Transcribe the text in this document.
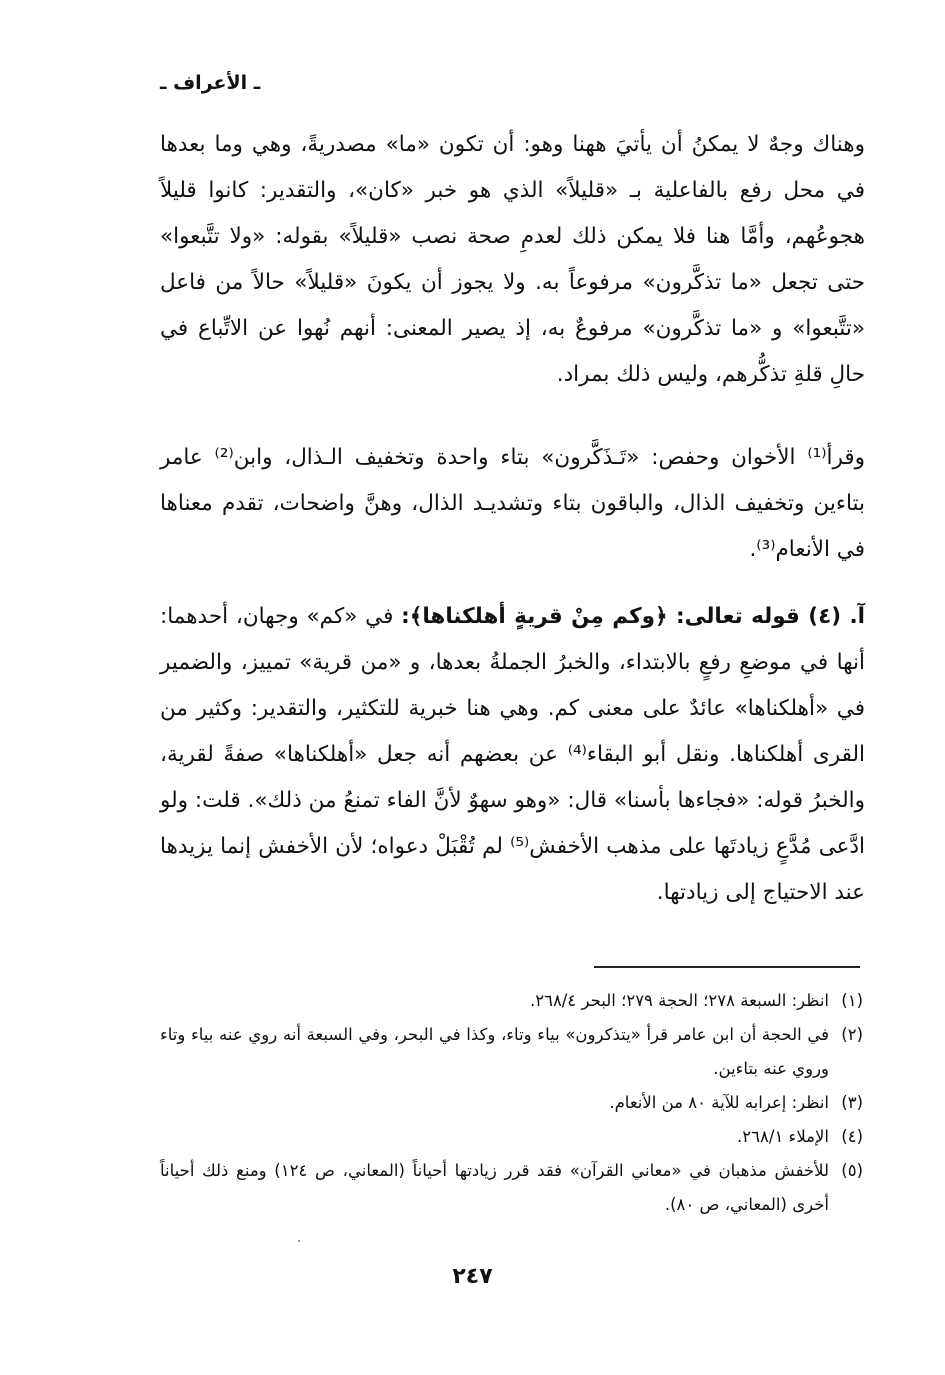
ـ الأعراف ـ

وهناك وجهٌ لا يمكنُ أن يأتيَ ههنا وهو: أن تكون «ما» مصدريةً، وهي وما بعدها في محل رفع بالفاعلية بـ «قليلاً» الذي هو خبر «كان»، والتقدير: كانوا قليلاً هجوعُهم، وأمَّا هنا فلا يمكن ذلك لعدمِ صحة نصب «قليلاً» بقوله: «ولا تتَّبعوا» حتى تجعل «ما تذكَّرون» مرفوعاً به. ولا يجوز أن يكونَ «قليلاً» حالاً من فاعل «تتَّبعوا» و «ما تذكَّرون» مرفوعٌ به، إذ يصير المعنى: أنهم نُهوا عن الاتِّباع في حالِ قلةِ تذكُّرهم، وليس ذلك بمراد.

وقرأ⁽¹⁾ الأخوان وحفص: «تَـذَكَّرون» بتاء واحدة وتخفيف الـذال، وابن⁽²⁾ عامر بتاءين وتخفيف الذال، والباقون بتاء وتشديـد الذال، وهنَّ واضحات، تقدم معناها في الأنعام⁽³⁾.

آ. (٤) قوله تعالى: ﴿وكم مِنْ قريةٍ أهلكناها﴾: في «كم» وجهان، أحدهما: أنها في موضعِ رفعٍ بالابتداء، والخبرُ الجملةُ بعدها، و «من قرية» تمييز، والضمير في «أهلكناها» عائدٌ على معنى كم. وهي هنا خبرية للتكثير، والتقدير: وكثير من القرى أهلكناها. ونقل أبو البقاء⁽⁴⁾ عن بعضهم أنه جعل «أهلكناها» صفةً لقرية، والخبرُ قوله: «فجاءها بأسنا» قال: «وهو سهوٌ لأنَّ الفاء تمنعُ من ذلك». قلت: ولو ادَّعى مُدَّعٍ زيادتَها على مذهب الأخفش⁽⁵⁾ لم تُقْبَلْ دعواه؛ لأن الأخفش إنما يزيدها عند الاحتياج إلى زيادتها.

(١)
انظر: السبعة ٢٧٨؛ الحجة ٢٧٩؛ البحر ٢٦٨/٤.
(٢)
في الحجة أن ابن عامر قرأ «يتذكرون» بياء وتاء، وكذا في البحر، وفي السبعة أنه روي عنه بياء وتاء وروي عنه بتاءين.
(٣)
انظر: إعرابه للآية ٨٠ من الأنعام.
(٤)
الإملاء ٢٦٨/١.
(٥)
للأخفش مذهبان في «معاني القرآن» فقد قرر زيادتها أحياناً (المعاني، ص ١٢٤) ومنع ذلك أحياناً أخرى (المعاني، ص ٨٠).
٢٤٧
